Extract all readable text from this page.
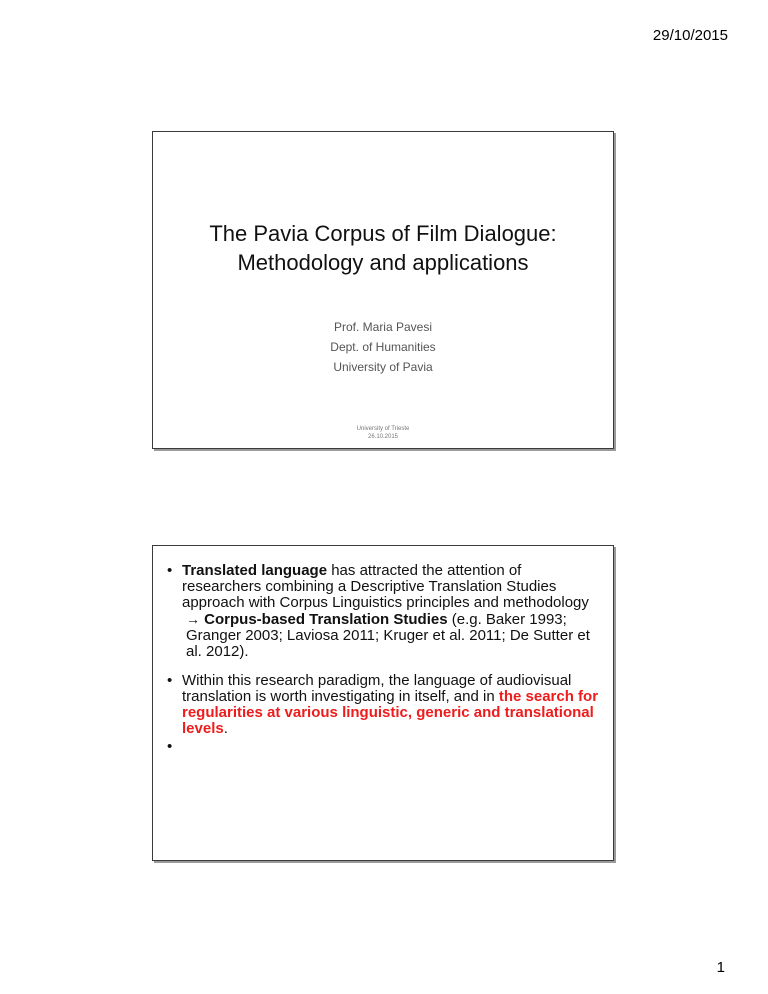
29/10/2015
The Pavia Corpus of Film Dialogue:
Methodology and applications
Prof. Maria Pavesi
Dept. of Humanities
University of Pavia
University of Trieste
26.10.2015
• Translated language has attracted the attention of researchers combining a Descriptive Translation Studies approach with Corpus Linguistics principles and methodology
→ Corpus-based Translation Studies (e.g. Baker 1993; Granger 2003; Laviosa 2011; Kruger et al. 2011; De Sutter et al. 2012).
• Within this research paradigm, the language of audiovisual translation is worth investigating in itself, and in the search for regularities at various linguistic, generic and translational levels.
•

1
